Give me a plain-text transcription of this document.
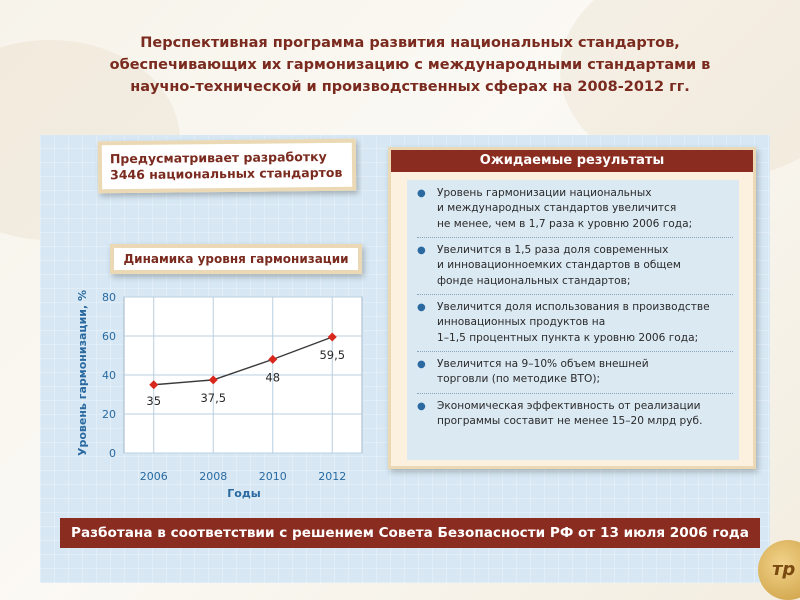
Перспективная программа развития национальных стандартов,
обеспечивающих их гармонизацию с международными стандартами в
научно-технической и производственных сферах на 2008-2012 гг.
Предусматривает разработку
3446 национальных стандартов
Динамика уровня гармонизации
0
20
40
60
80
2006	2008	2010	2012
35	37,5
48
59,5
Уровень гармонизации, %
Годы
Ожидаемые результаты
● Уровень гармонизации национальных
и международных стандартов увеличится
не менее, чем в 1,7 раза к уровню 2006 года;
● Увеличится в 1,5 раза доля современных
и инновационноемких стандартов в общем
фонде национальных стандартов;
● Увеличится доля использования в производстве
инновационных продуктов на
1–1,5 процентных пункта к уровню 2006 года;
● Увеличится на 9–10% объем внешней
торговли (по методике ВТО);
● Экономическая эффективность от реализации
программы составит не менее 15–20 млрд руб.
Разботана в соответствии с решением Совета Безопасности РФ от 13 июля 2006 года
тр
